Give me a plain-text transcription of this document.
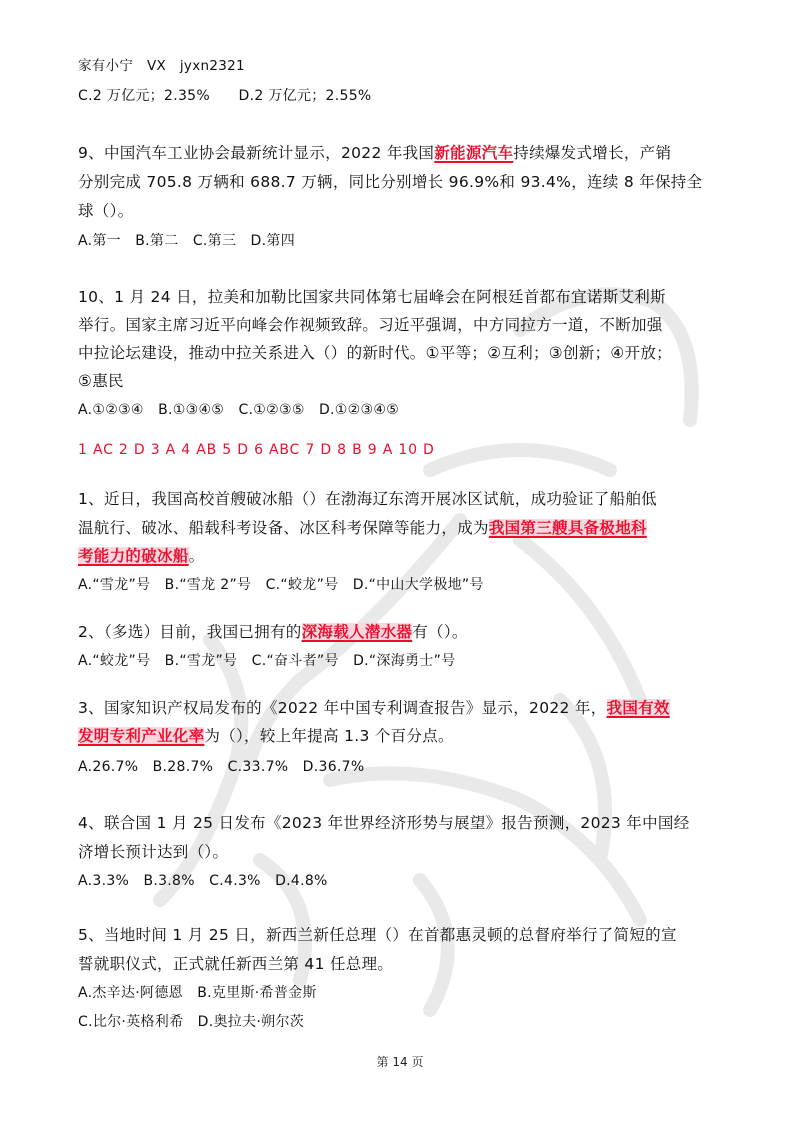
家有小宁　VX　jyxn2321
C.2 万亿元；2.35%　　D.2 万亿元；2.55%
9、中国汽车工业协会最新统计显示，2022 年我国新能源汽车持续爆发式增长，产销
分别完成 705.8 万辆和 688.7 万辆，同比分别增长 96.9%和 93.4%，连续 8 年保持全
球（）。
A.第一　B.第二　C.第三　D.第四
10、1 月 24 日，拉美和加勒比国家共同体第七届峰会在阿根廷首都布宜诺斯艾利斯
举行。国家主席习近平向峰会作视频致辞。习近平强调，中方同拉方一道，不断加强
中拉论坛建设，推动中拉关系进入（）的新时代。①平等；②互利；③创新；④开放；
⑤惠民
A.①②③④　B.①③④⑤　C.①②③⑤　D.①②③④⑤
1 AC 2 D 3 A 4 AB 5 D 6 ABC 7 D 8 B 9 A 10 D
1、近日，我国高校首艘破冰船（）在渤海辽东湾开展冰区试航，成功验证了船舶低
温航行、破冰、船载科考设备、冰区科考保障等能力，成为我国第三艘具备极地科
考能力的破冰船。
A.“雪龙”号　B.“雪龙 2”号　C.“蛟龙”号　D.“中山大学极地”号
2、（多选）目前，我国已拥有的深海载人潜水器有（）。
A.“蛟龙”号　B.“雪龙”号　C.“奋斗者”号　D.“深海勇士”号
3、国家知识产权局发布的《2022 年中国专利调查报告》显示，2022 年，我国有效
发明专利产业化率为（），较上年提高 1.3 个百分点。
A.26.7%　B.28.7%　C.33.7%　D.36.7%
4、联合国 1 月 25 日发布《2023 年世界经济形势与展望》报告预测，2023 年中国经
济增长预计达到（）。
A.3.3%　B.3.8%　C.4.3%　D.4.8%
5、当地时间 1 月 25 日，新西兰新任总理（）在首都惠灵顿的总督府举行了简短的宣
誓就职仪式，正式就任新西兰第 41 任总理。
A.杰辛达·阿德恩　B.克里斯·希普金斯
C.比尔·英格利希　D.奥拉夫·朔尔茨
第 14 页
